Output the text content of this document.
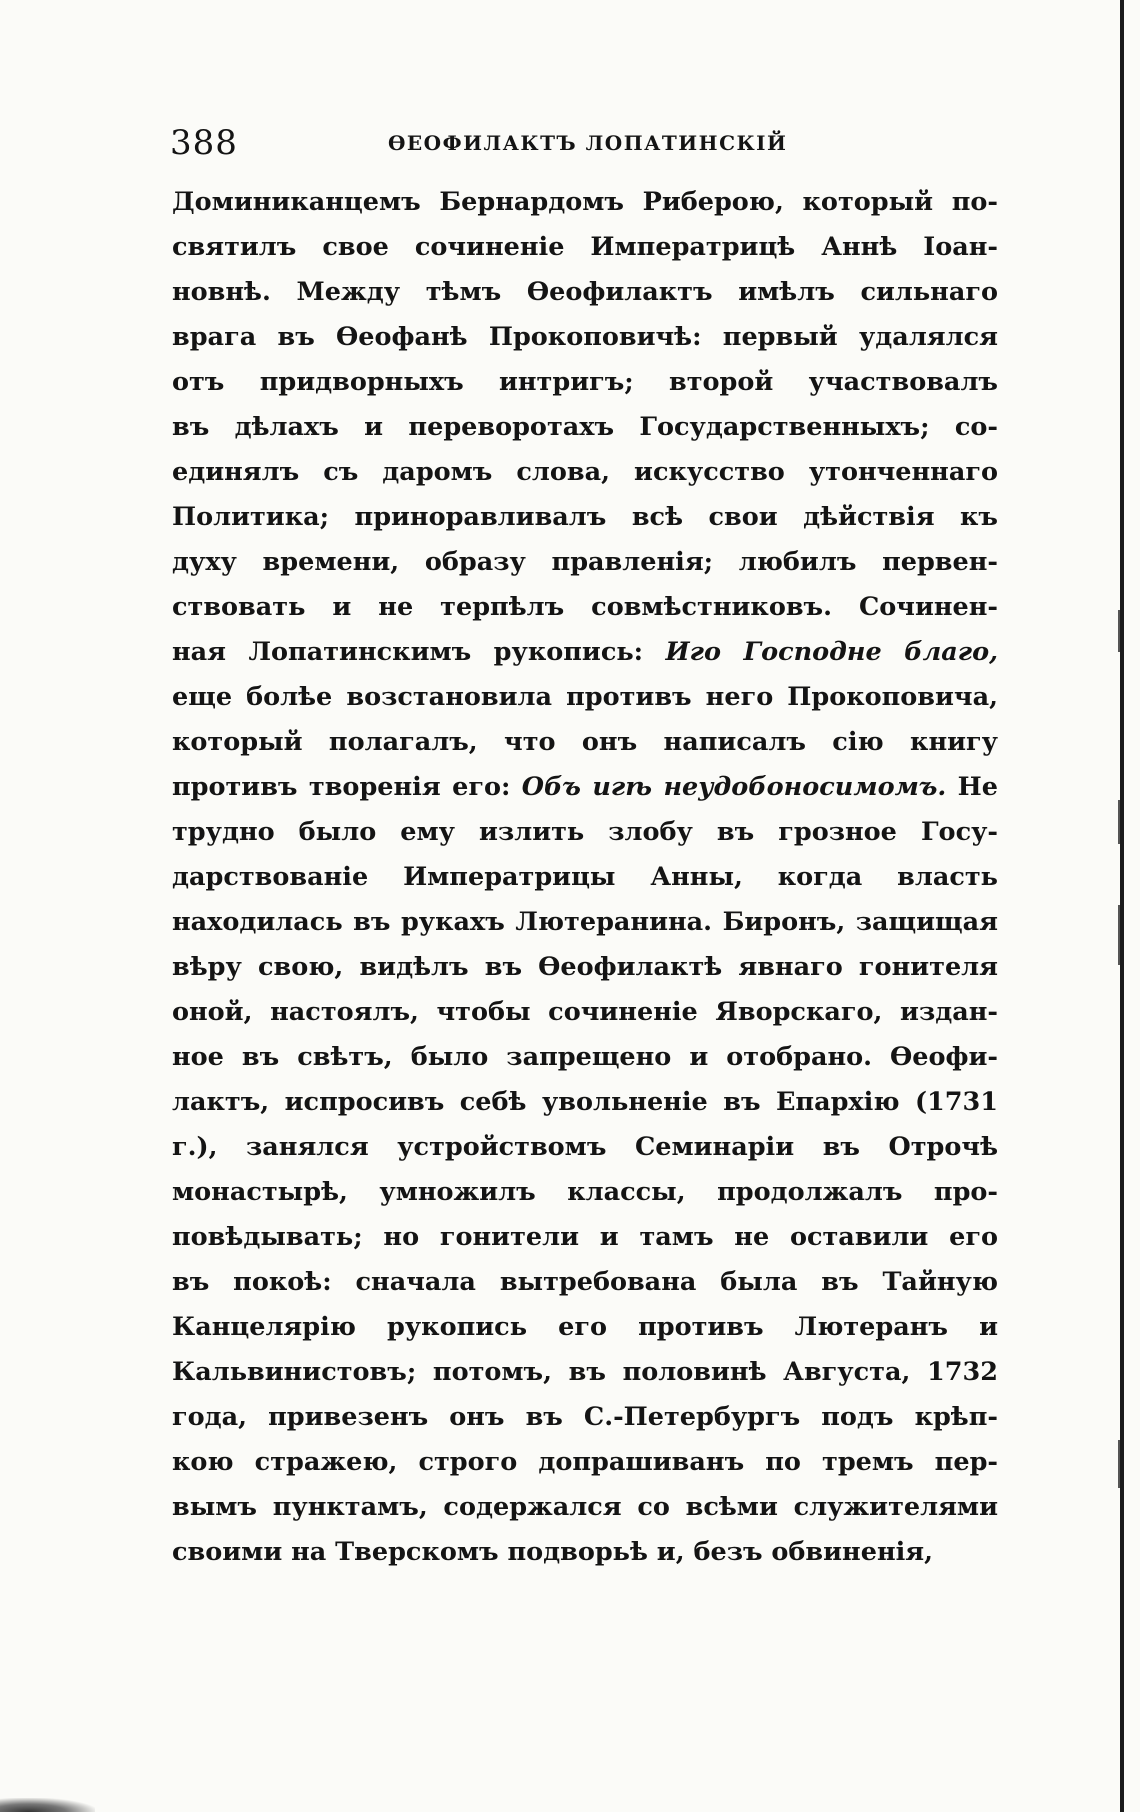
388	ѲЕОФИЛАКТЪ ЛОПАТИНСКІЙ
Доминиканцемъ Бернардомъ Риберою, который по-
святилъ свое сочиненіе Императрицѣ Аннѣ Іоан-
новнѣ. Между тѣмъ Ѳеофилактъ имѣлъ сильнаго
врага въ Ѳеофанѣ Прокоповичѣ: первый удалялся
отъ придворныхъ интригъ; второй участвовалъ
въ дѣлахъ и переворотахъ Государственныхъ; со-
единялъ съ даромъ слова, искусство утонченнаго
Политика; приноравливалъ всѣ свои дѣйствія къ
духу времени, образу правленія; любилъ первен-
ствовать и не терпѣлъ совмѣстниковъ. Сочинен-
ная Лопатинскимъ рукопись: Иго Господне благо,
еще болѣе возстановила противъ него Прокоповича,
который полагалъ, что онъ написалъ сію книгу
противъ творенія его: Объ игѣ неудобоносимомъ. Не
трудно было ему излить злобу въ грозное Госу-
дарствованіе Императрицы Анны, когда власть
находилась въ рукахъ Лютеранина. Биронъ, защищая
вѣру свою, видѣлъ въ Ѳеофилактѣ явнаго гонителя
оной, настоялъ, чтобы сочиненіе Яворскаго, издан-
ное въ свѣтъ, было запрещено и отобрано. Ѳеофи-
лактъ, испросивъ себѣ увольненіе въ Епархію (1731
г.), занялся устройствомъ Семинаріи въ Отрочѣ
монастырѣ, умножилъ классы, продолжалъ про-
повѣдывать; но гонители и тамъ не оставили его
въ покоѣ: сначала вытребована была въ Тайную
Канцелярію рукопись его противъ Лютеранъ и
Кальвинистовъ; потомъ, въ половинѣ Августа, 1732
года, привезенъ онъ въ С.-Петербургъ подъ крѣп-
кою стражею, строго допрашиванъ по тремъ пер-
вымъ пунктамъ, содержался со всѣми служителями
своими на Тверскомъ подворьѣ и, безъ обвиненія,
